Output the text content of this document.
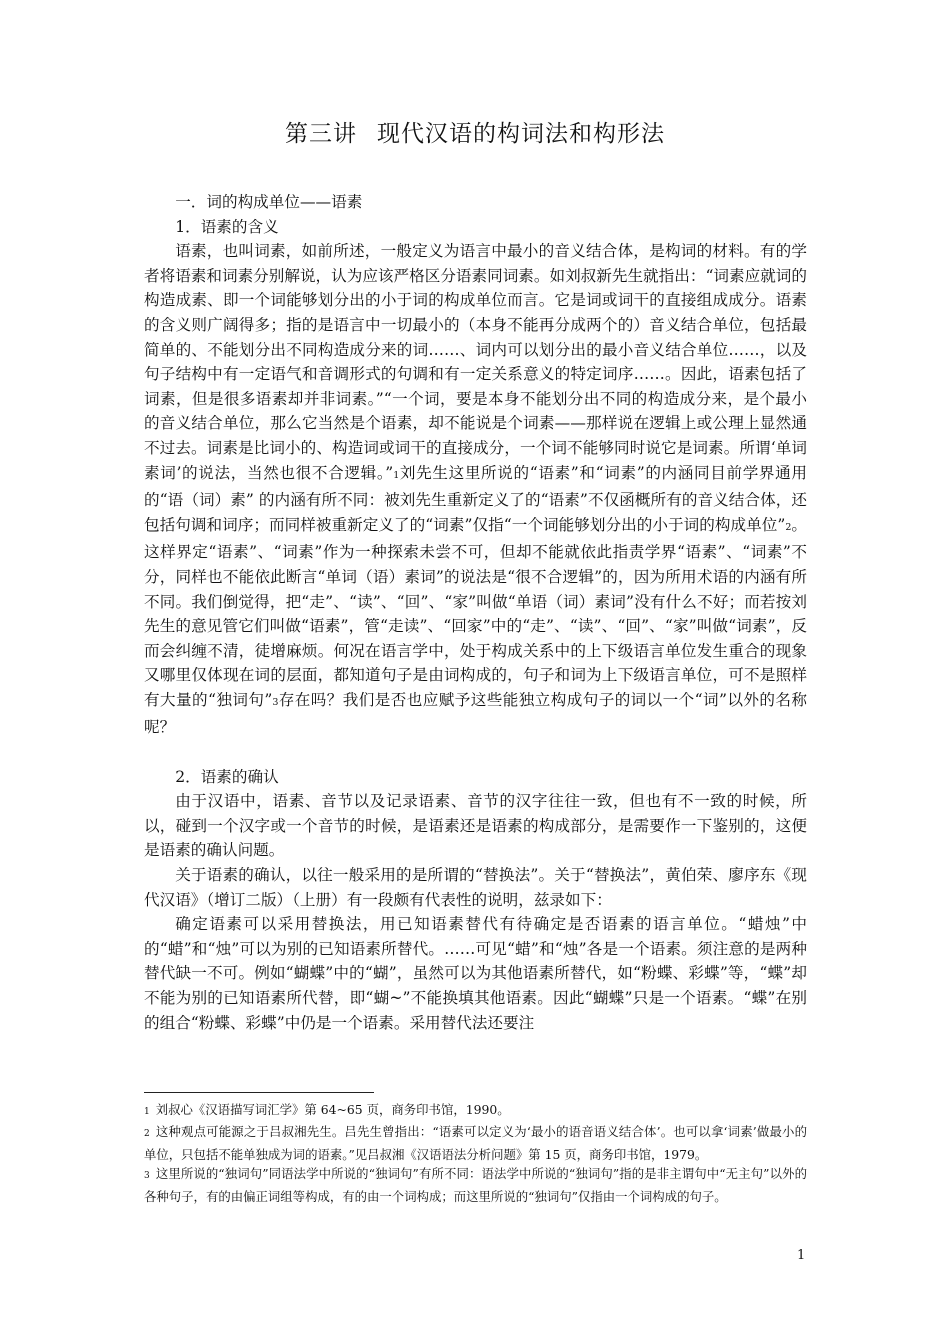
第三讲 现代汉语的构词法和构形法

一．词的构成单位——语素

1．语素的含义

语素，也叫词素，如前所述，一般定义为语言中最小的音义结合体，是构词的材料。有的学者将语素和词素分别解说，认为应该严格区分语素同词素。如刘叔新先生就指出：“词素应就词的构造成素、即一个词能够划分出的小于词的构成单位而言。它是词或词干的直接组成成分。语素的含义则广阔得多；指的是语言中一切最小的（本身不能再分成两个的）音义结合单位，包括最简单的、不能划分出不同构造成分来的词……、词内可以划分出的最小音义结合单位……，以及句子结构中有一定语气和音调形式的句调和有一定关系意义的特定词序……。因此，语素包括了词素，但是很多语素却并非词素。”“一个词，要是本身不能划分出不同的构造成分来，是个最小的音义结合单位，那么它当然是个语素，却不能说是个词素——那样说在逻辑上或公理上显然通不过去。词素是比词小的、构造词或词干的直接成分，一个词不能够同时说它是词素。所谓‘单词素词’的说法，当然也很不合逻辑。”1刘先生这里所说的“语素”和“词素”的内涵同目前学界通用的“语（词）素” 的内涵有所不同：被刘先生重新定义了的“语素”不仅函概所有的音义结合体，还包括句调和词序；而同样被重新定义了的“词素”仅指“一个词能够划分出的小于词的构成单位”2。这样界定“语素”、“词素”作为一种探索未尝不可，但却不能就依此指责学界“语素”、“词素”不分，同样也不能依此断言“单词（语）素词”的说法是“很不合逻辑”的，因为所用术语的内涵有所不同。我们倒觉得，把“走”、“读”、“回”、“家”叫做“单语（词）素词”没有什么不好；而若按刘先生的意见管它们叫做“语素”，管“走读”、“回家”中的“走”、“读”、“回”、“家”叫做“词素”，反而会纠缠不清，徒增麻烦。何况在语言学中，处于构成关系中的上下级语言单位发生重合的现象又哪里仅体现在词的层面，都知道句子是由词构成的，句子和词为上下级语言单位，可不是照样有大量的“独词句”3存在吗？我们是否也应赋予这些能独立构成句子的词以一个“词”以外的名称呢？

2．语素的确认

由于汉语中，语素、音节以及记录语素、音节的汉字往往一致，但也有不一致的时候，所以，碰到一个汉字或一个音节的时候，是语素还是语素的构成部分，是需要作一下鉴别的，这便是语素的确认问题。

关于语素的确认，以往一般采用的是所谓的“替换法”。关于“替换法”，黄伯荣、廖序东《现代汉语》（增订二版）（上册）有一段颇有代表性的说明，兹录如下：

确定语素可以采用替换法，用已知语素替代有待确定是否语素的语言单位。“蜡烛”中的“蜡”和“烛”可以为别的已知语素所替代。……可见“蜡”和“烛”各是一个语素。须注意的是两种替代缺一不可。例如“蝴蝶”中的“蝴”，虽然可以为其他语素所替代，如“粉蝶、彩蝶”等，“蝶”却不能为别的已知语素所代替，即“蝴~”不能换填其他语素。因此“蝴蝶”只是一个语素。“蝶”在别的组合“粉蝶、彩蝶”中仍是一个语素。采用替代法还要注

1 刘叔心《汉语描写词汇学》第 64~65 页，商务印书馆，1990。

2 这种观点可能源之于吕叔湘先生。吕先生曾指出：“语素可以定义为‘最小的语音语义结合体’。也可以拿‘词素’做最小的单位，只包括不能单独成为词的语素。”见吕叔湘《汉语语法分析问题》第 15 页，商务印书馆，1979。

3 这里所说的“独词句”同语法学中所说的“独词句”有所不同：语法学中所说的“独词句”指的是非主谓句中“无主句”以外的各种句子，有的由偏正词组等构成，有的由一个词构成；而这里所说的“独词句”仅指由一个词构成的句子。

1
